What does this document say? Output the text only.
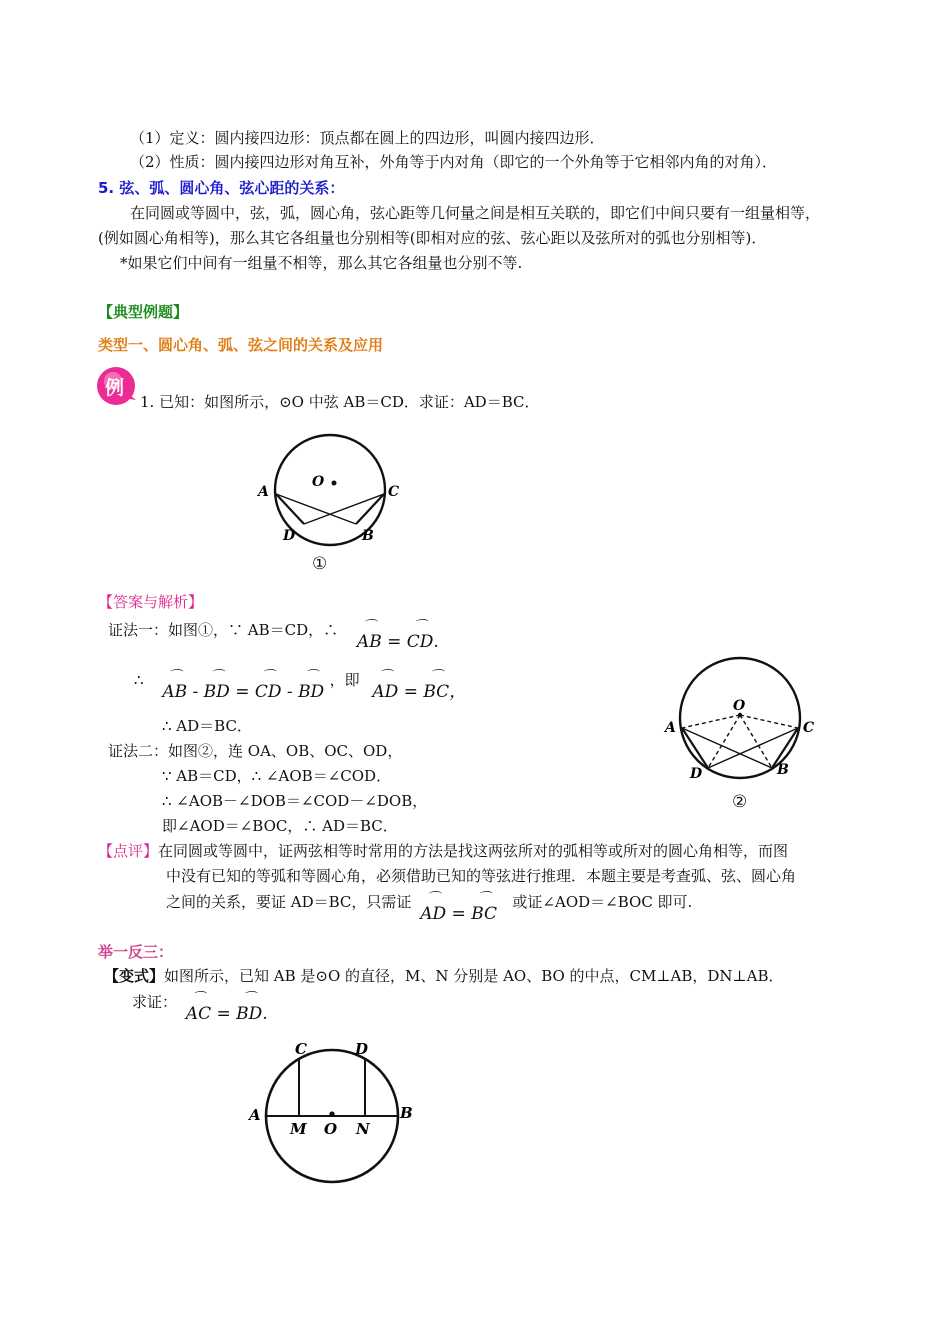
（1）定义：圆内接四边形：顶点都在圆上的四边形，叫圆内接四边形．
（2）性质：圆内接四边形对角互补，外角等于内对角（即它的一个外角等于它相邻内角的对角）．
5. 弦、弧、圆心角、弦心距的关系：
在同圆或等圆中，弦，弧，圆心角，弦心距等几何量之间是相互关联的，即它们中间只要有一组量相等，
(例如圆心角相等)，那么其它各组量也分别相等(即相对应的弦、弦心距以及弦所对的弧也分别相等)．
*如果它们中间有一组量不相等，那么其它各组量也分别不等.
【典型例题】
类型一、圆心角、弧、弦之间的关系及应用
例
1. 已知：如图所示，⊙O 中弦 AB＝CD．求证：AD＝BC．
O
A	C
D	B
①
【答案与解析】
证法一：如图①，∵ AB＝CD，∴ ⌒ AB = ⌒ CD.
∴ ⌒ AB - ⌒ BD = ⌒ CD - ⌒ BD ，即 ⌒ AD = ⌒ BC，
∴ AD＝BC．
证法二：如图②，连 OA、OB、OC、OD，
∵ AB＝CD，∴ ∠AOB＝∠COD．
∴ ∠AOB－∠DOB＝∠COD－∠DOB，
即∠AOD＝∠BOC，∴ AD＝BC．
O
A	C
D	B
②
【点评】在同圆或等圆中，证两弦相等时常用的方法是找这两弦所对的弧相等或所对的圆心角相等，而图
中没有已知的等弧和等圆心角，必须借助已知的等弦进行推理．本题主要是考查弧、弦、圆心角
之间的关系，要证 AD＝BC，只需证 ⌒ AD = ⌒ BC 或证∠AOD＝∠BOC 即可.
举一反三：
【变式】如图所示，已知 AB 是⊙O 的直径，M、N 分别是 AO、BO 的中点，CM⊥AB，DN⊥AB．
求证： ⌒ AC = ⌒ BD.
C	D
A	B
M O N
